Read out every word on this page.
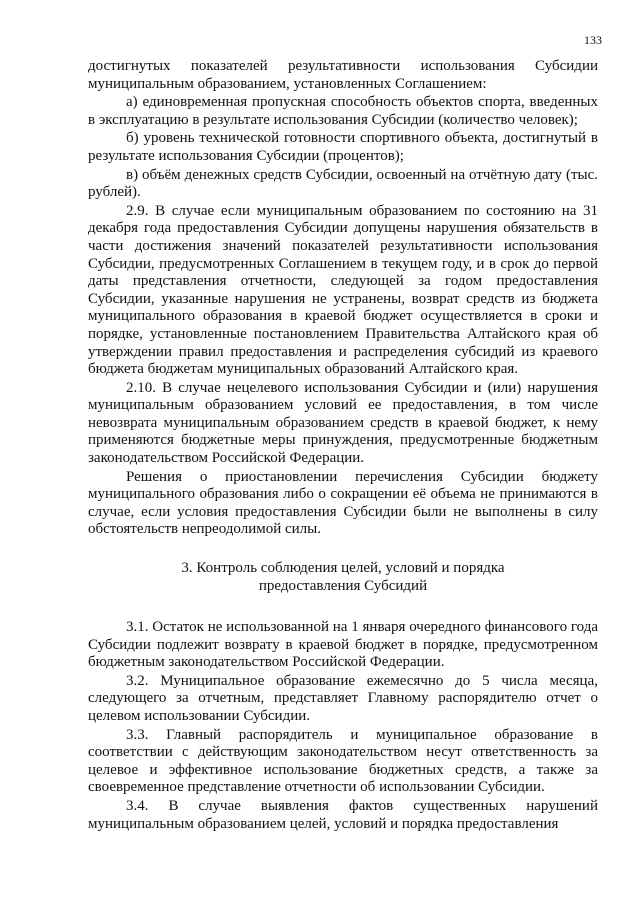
133

достигнутых показателей результативности использования Субсидии муниципальным образованием, установленных Соглашением:

а) единовременная пропускная способность объектов спорта, введенных в эксплуатацию в результате использования Субсидии (количество человек);

б) уровень технической готовности спортивного объекта, достигнутый в результате использования Субсидии (процентов);

в) объём денежных средств Субсидии, освоенный на отчётную дату (тыс. рублей).

2.9. В случае если муниципальным образованием по состоянию на 31 декабря года предоставления Субсидии допущены нарушения обязательств в части достижения значений показателей результативности использования Субсидии, предусмотренных Соглашением в текущем году, и в срок до первой даты представления отчетности, следующей за годом предоставления Субсидии, указанные нарушения не устранены, возврат средств из бюджета муниципального образования в краевой бюджет осуществляется в сроки и порядке, установленные постановлением Правительства Алтайского края об утверждении правил предоставления и распределения субсидий из краевого бюджета бюджетам муниципальных образований Алтайского края.

2.10. В случае нецелевого использования Субсидии и (или) нарушения муниципальным образованием условий ее предоставления, в том числе невозврата муниципальным образованием средств в краевой бюджет, к нему применяются бюджетные меры принуждения, предусмотренные бюджетным законодательством Российской Федерации.

Решения о приостановлении перечисления Субсидии бюджету муниципального образования либо о сокращении её объема не принимаются в случае, если условия предоставления Субсидии были не выполнены в силу обстоятельств непреодолимой силы.

3. Контроль соблюдения целей, условий и порядка
предоставления Субсидий

3.1. Остаток не использованной на 1 января очередного финансового года Субсидии подлежит возврату в краевой бюджет в порядке, предусмотренном бюджетным законодательством Российской Федерации.

3.2. Муниципальное образование ежемесячно до 5 числа месяца, следующего за отчетным, представляет Главному распорядителю отчет о целевом использовании Субсидии.

3.3. Главный распорядитель и муниципальное образование в соответствии с действующим законодательством несут ответственность за целевое и эффективное использование бюджетных средств, а также за своевременное представление отчетности об использовании Субсидии.

3.4. В случае выявления фактов существенных нарушений муниципальным образованием целей, условий и порядка предоставления
